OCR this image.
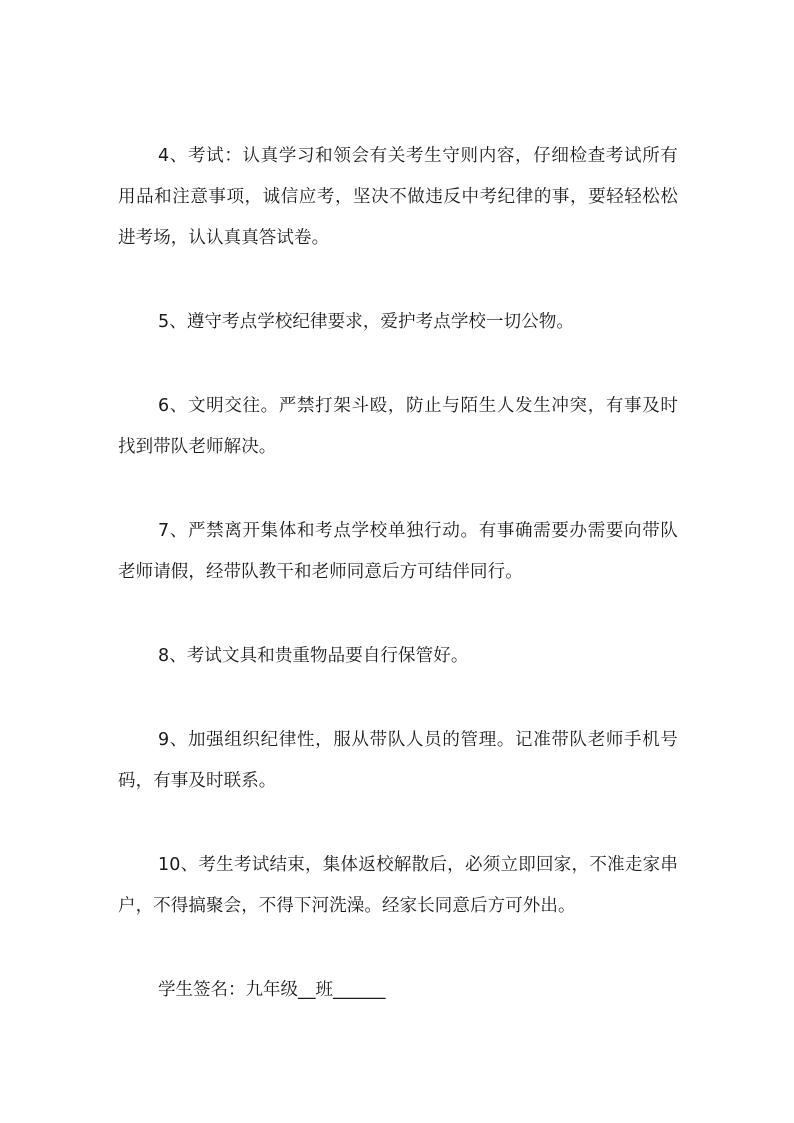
4、考试：认真学习和领会有关考生守则内容，仔细检查考试所有用品和注意事项，诚信应考，坚决不做违反中考纪律的事，要轻轻松松进考场，认认真真答试卷。

5、遵守考点学校纪律要求，爱护考点学校一切公物。

6、文明交往。严禁打架斗殴，防止与陌生人发生冲突，有事及时找到带队老师解决。

7、严禁离开集体和考点学校单独行动。有事确需要办需要向带队老师请假，经带队教干和老师同意后方可结伴同行。

8、考试文具和贵重物品要自行保管好。

9、加强组织纪律性，服从带队人员的管理。记准带队老师手机号码，有事及时联系。

10、考生考试结束，集体返校解散后，必须立即回家，不准走家串户，不得搞聚会，不得下河洗澡。经家长同意后方可外出。

学生签名：九年级__班______
